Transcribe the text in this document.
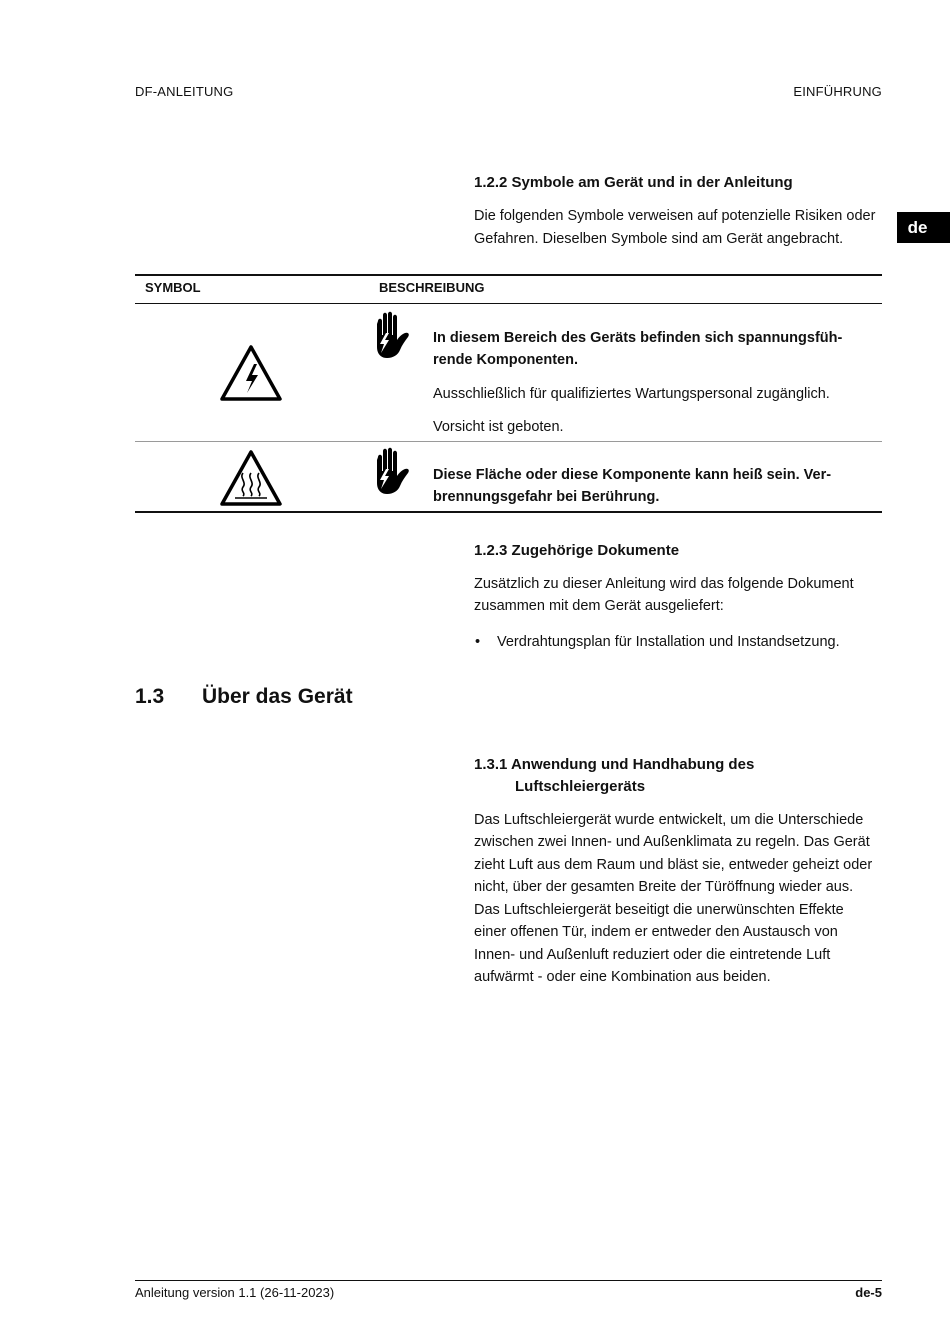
DF-ANLEITUNG	EINFÜHRUNG
de
1.2.2 Symbole am Gerät und in der Anleitung
Die folgenden Symbole verweisen auf potenzielle Risiken oder Gefahren. Dieselben Symbole sind am Gerät angebracht.
SYMBOL	BESCHREIBUNG
In diesem Bereich des Geräts befinden sich spannungsfüh-
rende Komponenten.
Ausschließlich für qualifiziertes Wartungspersonal zugänglich.
Vorsicht ist geboten.
Diese Fläche oder diese Komponente kann heiß sein. Ver-
brennungsgefahr bei Berührung.
1.2.3 Zugehörige Dokumente
Zusätzlich zu dieser Anleitung wird das folgende Dokument
zusammen mit dem Gerät ausgeliefert:
• Verdrahtungsplan für Installation und Instandsetzung.
1.3 Über das Gerät
1.3.1 Anwendung und Handhabung des
Luftschleiergeräts
Das Luftschleiergerät wurde entwickelt, um die Unterschiede
zwischen zwei Innen- und Außenklimata zu regeln. Das Gerät
zieht Luft aus dem Raum und bläst sie, entweder geheizt oder
nicht, über der gesamten Breite der Türöffnung wieder aus.
Das Luftschleiergerät beseitigt die unerwünschten Effekte
einer offenen Tür, indem er entweder den Austausch von
Innen- und Außenluft reduziert oder die eintretende Luft
aufwärmt - oder eine Kombination aus beiden.
Anleitung version 1.1 (26-11-2023)	de-5
